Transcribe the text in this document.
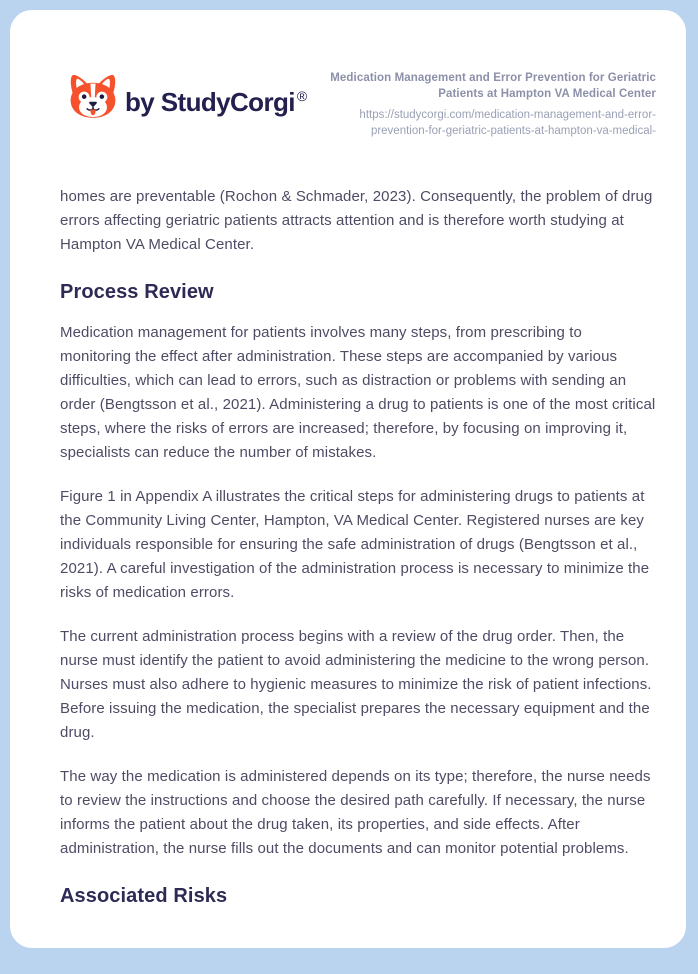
by StudyCorgi ®
Medication Management and Error Prevention for Geriatric Patients at Hampton VA Medical Center
https://studycorgi.com/medication-management-and-error-prevention-for-geriatric-patients-at-hampton-va-medical-

homes are preventable (Rochon & Schmader, 2023). Consequently, the problem of drug errors affecting geriatric patients attracts attention and is therefore worth studying at Hampton VA Medical Center.

Process Review

Medication management for patients involves many steps, from prescribing to monitoring the effect after administration. These steps are accompanied by various difficulties, which can lead to errors, such as distraction or problems with sending an order (Bengtsson et al., 2021). Administering a drug to patients is one of the most critical steps, where the risks of errors are increased; therefore, by focusing on improving it, specialists can reduce the number of mistakes.

Figure 1 in Appendix A illustrates the critical steps for administering drugs to patients at the Community Living Center, Hampton, VA Medical Center. Registered nurses are key individuals responsible for ensuring the safe administration of drugs (Bengtsson et al., 2021). A careful investigation of the administration process is necessary to minimize the risks of medication errors.

The current administration process begins with a review of the drug order. Then, the nurse must identify the patient to avoid administering the medicine to the wrong person. Nurses must also adhere to hygienic measures to minimize the risk of patient infections. Before issuing the medication, the specialist prepares the necessary equipment and the drug.

The way the medication is administered depends on its type; therefore, the nurse needs to review the instructions and choose the desired path carefully. If necessary, the nurse informs the patient about the drug taken, its properties, and side effects. After administration, the nurse fills out the documents and can monitor potential problems.

Associated Risks
